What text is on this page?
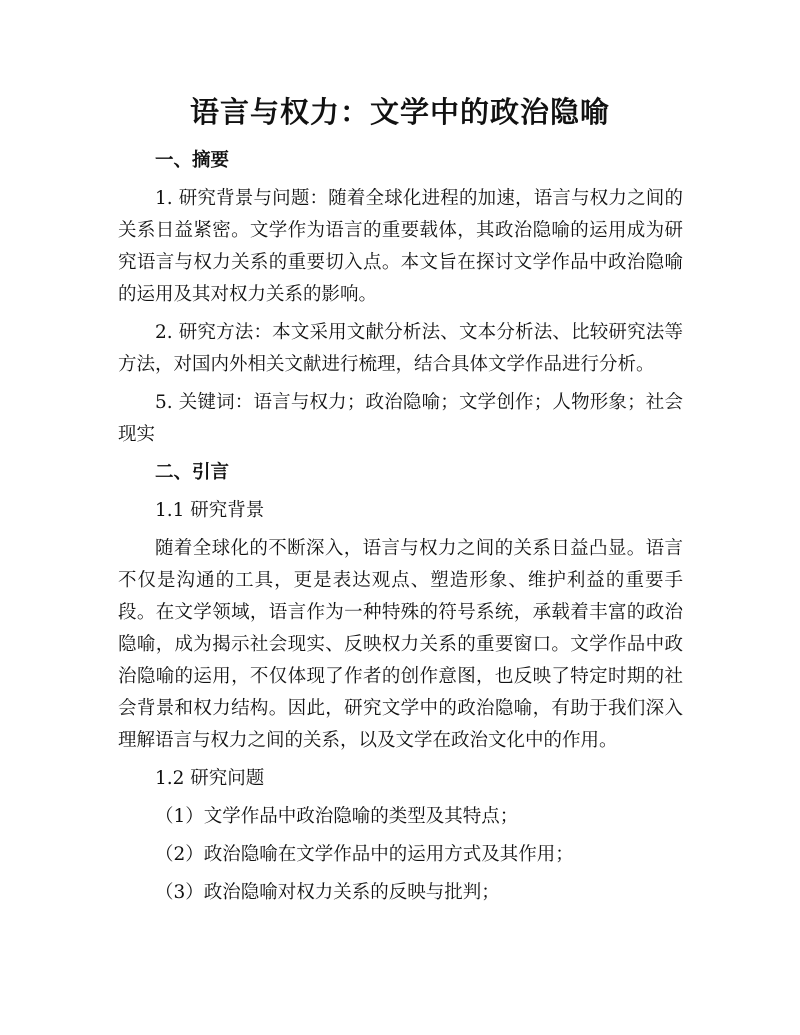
语言与权力：文学中的政治隐喻
一、摘要
1. 研究背景与问题：随着全球化进程的加速，语言与权力之间的关系日益紧密。文学作为语言的重要载体，其政治隐喻的运用成为研究语言与权力关系的重要切入点。本文旨在探讨文学作品中政治隐喻的运用及其对权力关系的影响。
2. 研究方法：本文采用文献分析法、文本分析法、比较研究法等方法，对国内外相关文献进行梳理，结合具体文学作品进行分析。
5. 关键词：语言与权力；政治隐喻；文学创作；人物形象；社会现实
二、引言
1.1 研究背景
随着全球化的不断深入，语言与权力之间的关系日益凸显。语言不仅是沟通的工具，更是表达观点、塑造形象、维护利益的重要手段。在文学领域，语言作为一种特殊的符号系统，承载着丰富的政治隐喻，成为揭示社会现实、反映权力关系的重要窗口。文学作品中政治隐喻的运用，不仅体现了作者的创作意图，也反映了特定时期的社会背景和权力结构。因此，研究文学中的政治隐喻，有助于我们深入理解语言与权力之间的关系，以及文学在政治文化中的作用。
1.2 研究问题
（1）文学作品中政治隐喻的类型及其特点；
（2）政治隐喻在文学作品中的运用方式及其作用；
（3）政治隐喻对权力关系的反映与批判；
